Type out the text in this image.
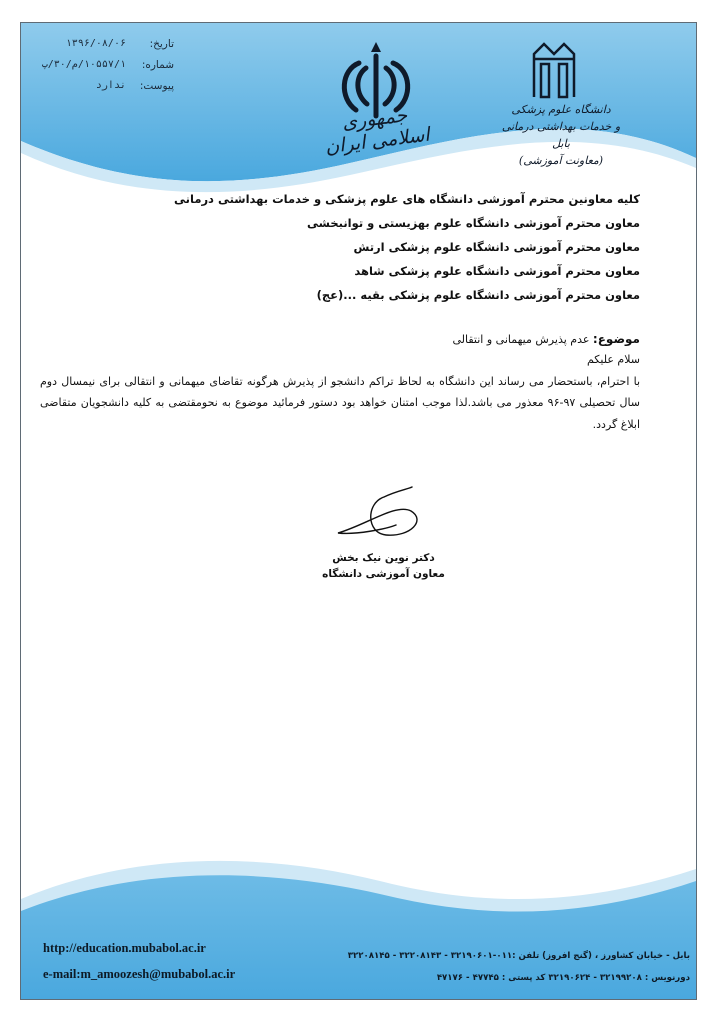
تاریخ:
۱۳۹۶/۰۸/۰۶
شماره:
۱۰۵۵۷/۱/م/۳۰/پ
پیوست:
ندارد
جمهوری اسلامی ایران
دانشگاه علوم پزشکی
و خدمات بهداشتی درمانی بابل
(معاونت آموزشی)
کلیه معاونین محترم آموزشی دانشگاه های علوم پزشکی و خدمات بهداشتی درمانی
معاون محترم آموزشی دانشگاه علوم بهزیستی و توانبخشی
معاون محترم آموزشی دانشگاه علوم پزشکی ارتش
معاون محترم آموزشی دانشگاه علوم پزشکی شاهد
معاون محترم آموزشی دانشگاه علوم پزشکی بقیه ...(عج)
موضوع: عدم پذیرش میهمانی و انتقالی

سلام علیکم

با احترام، باستحضار می رساند این دانشگاه به لحاظ تراکم دانشجو از پذیرش هرگونه تقاضای میهمانی و انتقالی برای نیمسال دوم سال تحصیلی ۹۷-۹۶ معذور می باشد.لذا موجب امتنان خواهد بود دستور فرمائید موضوع به نحومقتضی به کلیه دانشجویان متقاضی ابلاغ گردد.

دکتر نوین نیک بخش
معاون آموزشی دانشگاه
http://education.mubabol.ac.ir
e-mail:m_amoozesh@mubabol.ac.ir
بابل - خیابان کشاورز ، (گنج افروز) تلفن :۰۱۱-۳۲۱۹۰۶۰۱ - ۳۲۲۰۸۱۴۳ - ۳۲۲۰۸۱۴۵
دورنویس : ۳۲۱۹۹۲۰۸ - ۳۲۱۹۰۶۲۴ کد پستی : ۴۷۷۴۵ - ۴۷۱۷۶
